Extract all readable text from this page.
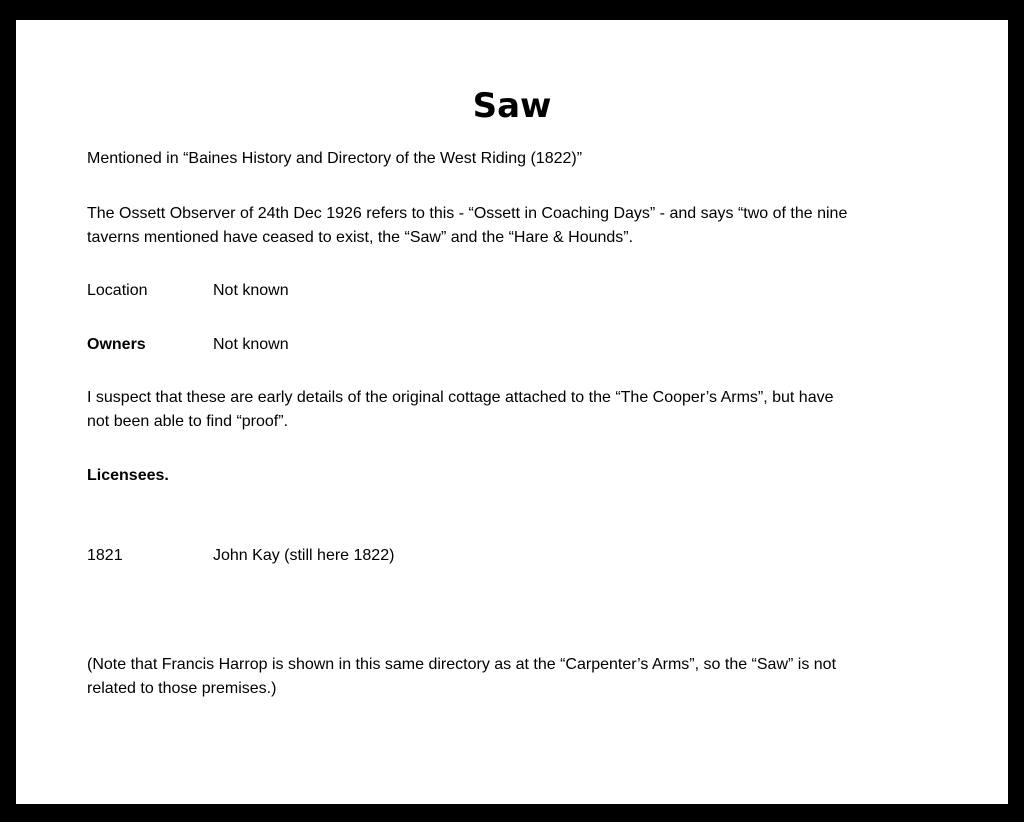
Saw

Mentioned in “Baines History and Directory of the West Riding (1822)”

The Ossett Observer of 24th Dec 1926 refers to this - “Ossett in Coaching Days” - and says “two of the nine
taverns mentioned have ceased to exist, the “Saw” and the “Hare & Hounds”.
Location	Not known
Owners	Not known
I suspect that these are early details of the original cottage attached to the “The Cooper’s Arms”, but have
not been able to find “proof”.
Licensees.
1821	John Kay (still here 1822)
(Note that Francis Harrop is shown in this same directory as at the “Carpenter’s Arms”, so the “Saw” is not
related to those premises.)
